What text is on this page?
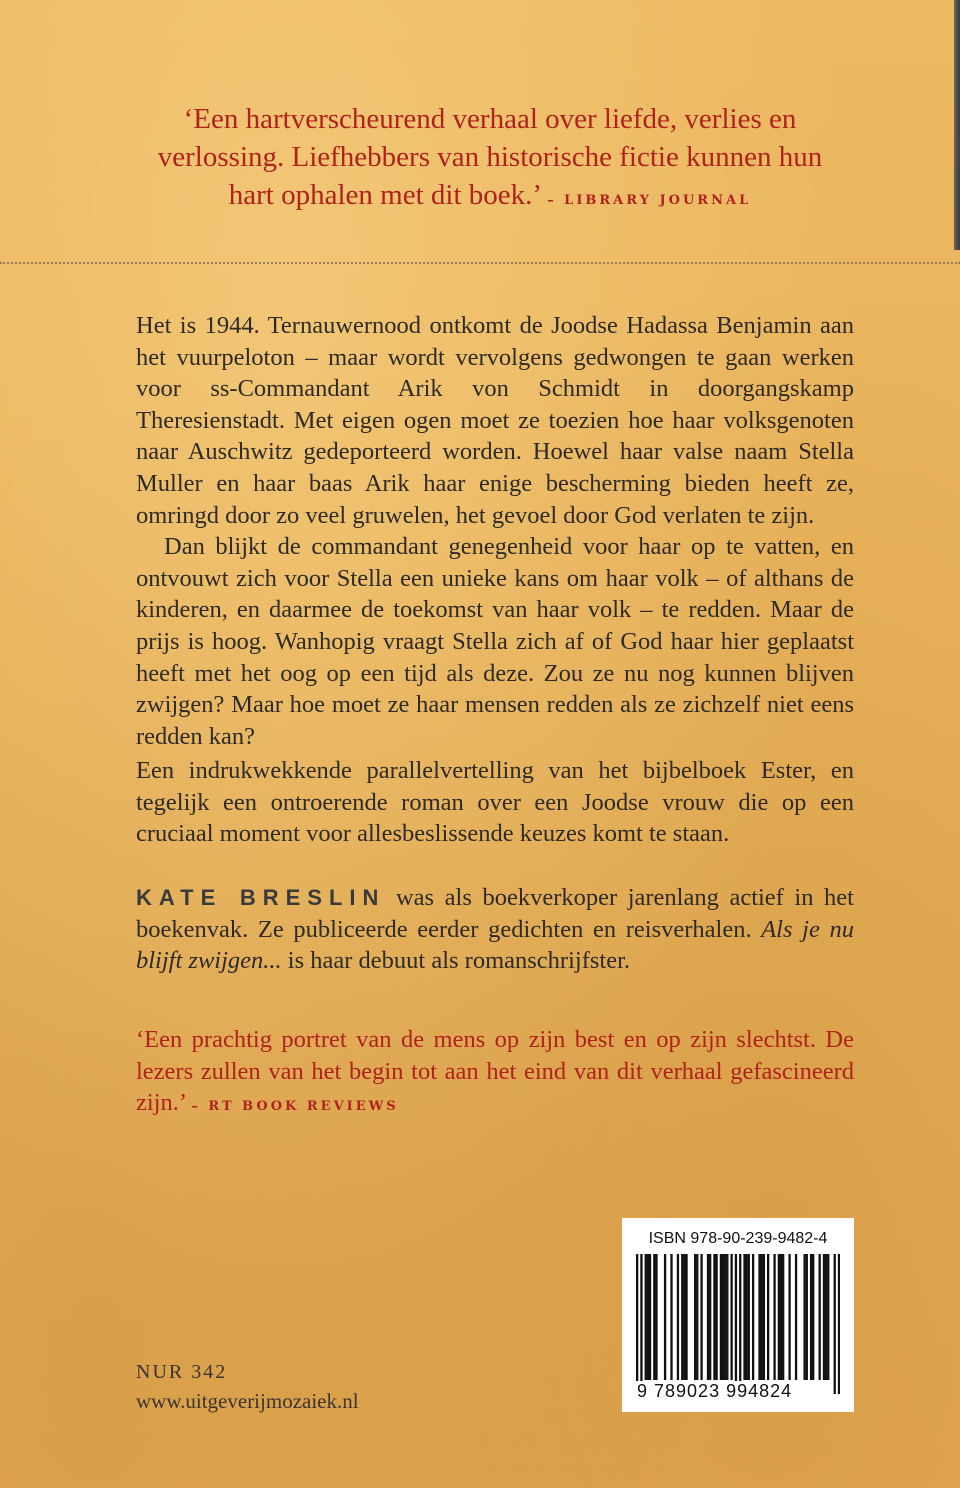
‘Een hartverscheurend verhaal over liefde, verlies en verlossing. Liefhebbers van historische fictie kunnen hun hart ophalen met dit boek.’ – LIBRARY JOURNAL

Het is 1944. Ternauwernood ontkomt de Joodse Hadassa Benjamin aan het vuurpeloton – maar wordt vervolgens gedwongen te gaan werken voor ss-Commandant Arik von Schmidt in doorgangskamp Theresienstadt. Met eigen ogen moet ze toezien hoe haar volksgenoten naar Auschwitz gedeporteerd worden. Hoewel haar valse naam Stella Muller en haar baas Arik haar enige bescherming bieden heeft ze, omringd door zo veel gruwelen, het gevoel door God verlaten te zijn.

Dan blijkt de commandant genegenheid voor haar op te vatten, en ontvouwt zich voor Stella een unieke kans om haar volk – of althans de kinderen, en daarmee de toekomst van haar volk – te redden. Maar de prijs is hoog. Wanhopig vraagt Stella zich af of God haar hier geplaatst heeft met het oog op een tijd als deze. Zou ze nu nog kunnen blijven zwijgen? Maar hoe moet ze haar mensen redden als ze zichzelf niet eens redden kan?

Een indrukwekkende parallelvertelling van het bijbelboek Ester, en tegelijk een ontroerende roman over een Joodse vrouw die op een cruciaal moment voor allesbeslissende keuzes komt te staan.

KATE BRESLIN was als boekverkoper jarenlang actief in het boekenvak. Ze publiceerde eerder gedichten en reisverhalen. Als je nu blijft zwijgen... is haar debuut als romanschrijfster.

‘Een prachtig portret van de mens op zijn best en op zijn slechtst. De lezers zullen van het begin tot aan het eind van dit verhaal gefascineerd zijn.’ – RT BOOK REVIEWS
ISBN 978-90-239-9482-4
9 789023 994824
NUR 342
www.uitgeverijmozaiek.nl
